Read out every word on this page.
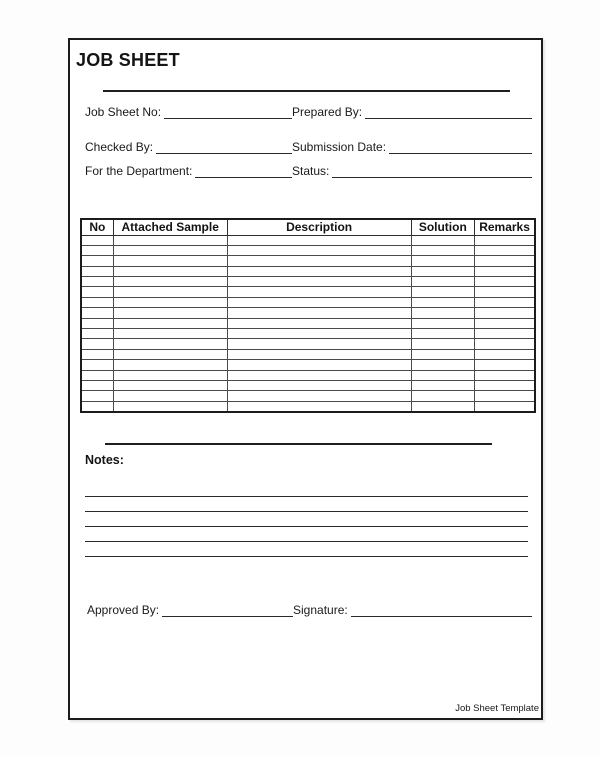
JOB SHEET
Job Sheet No:	Prepared By:
Checked By:	Submission Date:
For the Department:	Status:
No	Attached Sample	Description	Solution	Remarks

Notes:
Approved By:	Signature:
Job Sheet Template
